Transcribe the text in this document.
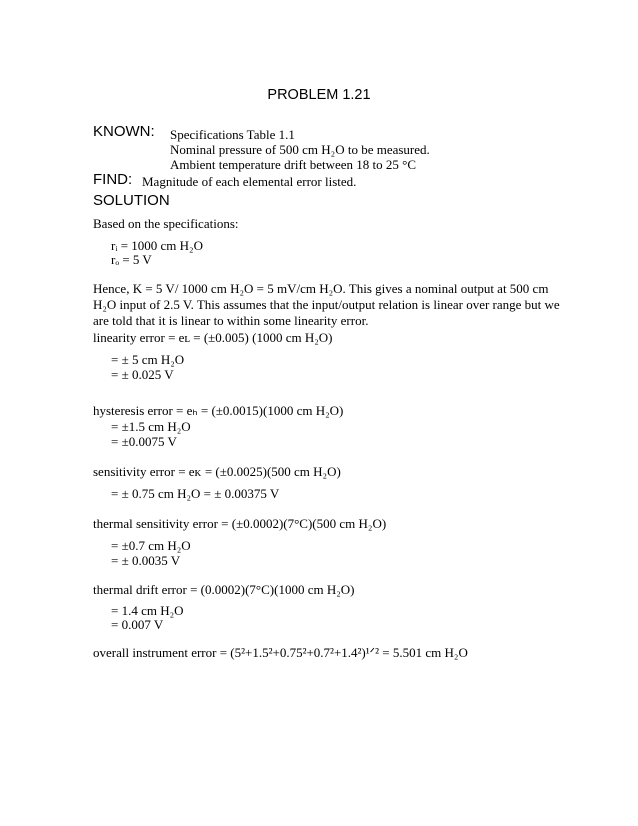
PROBLEM 1.21
KNOWN: Specifications Table 1.1
Nominal pressure of 500 cm H₂O to be measured.
Ambient temperature drift between 18 to 25 °C
FIND: Magnitude of each elemental error listed.
SOLUTION
Based on the specifications:
rᵢ = 1000 cm H₂O
rₒ = 5 V
Hence, K = 5 V/ 1000 cm H₂O = 5 mV/cm H₂O. This gives a nominal output at 500 cm H₂O input of 2.5 V. This assumes that the input/output relation is linear over range but we are told that it is linear to within some linearity error.
linearity error = eʟ = (±0.005) (1000 cm H₂O)
= ± 5 cm H₂O
= ± 0.025 V
hysteresis error = eₕ = (±0.0015)(1000 cm H₂O)
= ±1.5 cm H₂O
= ±0.0075 V
sensitivity error = eᴋ = (±0.0025)(500 cm H₂O)
= ± 0.75 cm H₂O = ± 0.00375 V
thermal sensitivity error = (±0.0002)(7°C)(500 cm H₂O)
= ±0.7 cm H₂O
= ± 0.0035 V
thermal drift error = (0.0002)(7°C)(1000 cm H₂O)
= 1.4 cm H₂O
= 0.007 V
overall instrument error = (5²+1.5²+0.75²+0.7²+1.4²)¹ᐟ² = 5.501 cm H₂O
